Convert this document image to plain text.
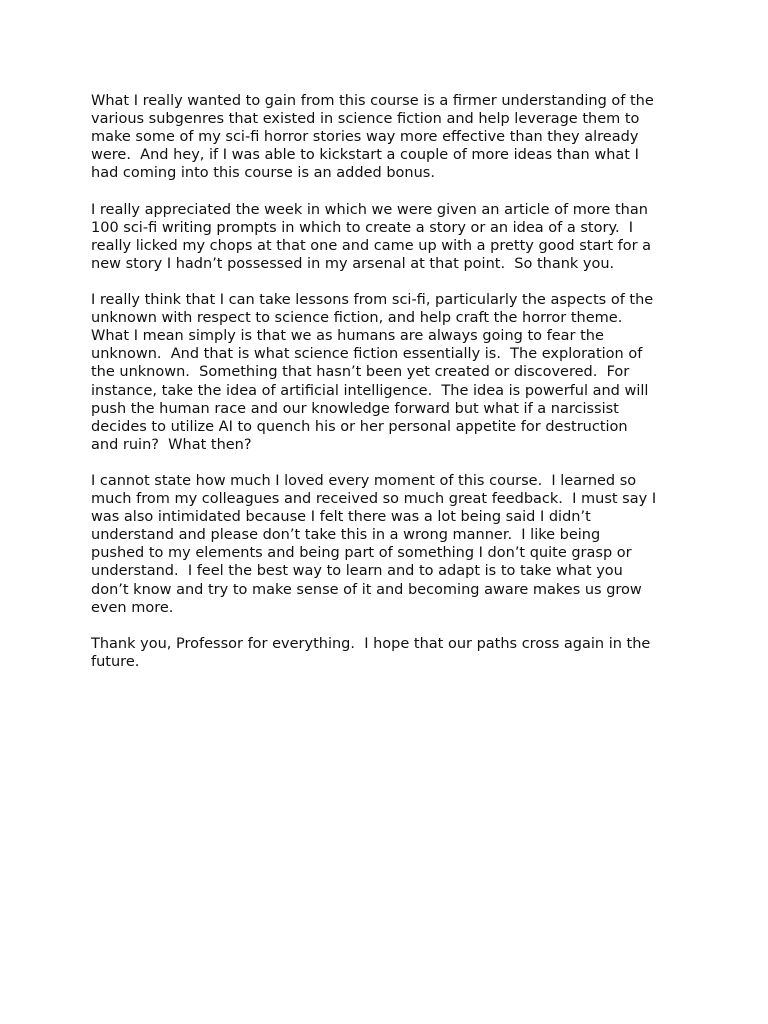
What I really wanted to gain from this course is a firmer understanding of the
various subgenres that existed in science fiction and help leverage them to
make some of my sci-fi horror stories way more effective than they already
were.  And hey, if I was able to kickstart a couple of more ideas than what I
had coming into this course is an added bonus.

I really appreciated the week in which we were given an article of more than
100 sci-fi writing prompts in which to create a story or an idea of a story.  I
really licked my chops at that one and came up with a pretty good start for a
new story I hadn’t possessed in my arsenal at that point.  So thank you.

I really think that I can take lessons from sci-fi, particularly the aspects of the
unknown with respect to science fiction, and help craft the horror theme.
What I mean simply is that we as humans are always going to fear the
unknown.  And that is what science fiction essentially is.  The exploration of
the unknown.  Something that hasn’t been yet created or discovered.  For
instance, take the idea of artificial intelligence.  The idea is powerful and will
push the human race and our knowledge forward but what if a narcissist
decides to utilize AI to quench his or her personal appetite for destruction
and ruin?  What then?

I cannot state how much I loved every moment of this course.  I learned so
much from my colleagues and received so much great feedback.  I must say I
was also intimidated because I felt there was a lot being said I didn’t
understand and please don’t take this in a wrong manner.  I like being
pushed to my elements and being part of something I don’t quite grasp or
understand.  I feel the best way to learn and to adapt is to take what you
don’t know and try to make sense of it and becoming aware makes us grow
even more.

Thank you, Professor for everything.  I hope that our paths cross again in the
future.
